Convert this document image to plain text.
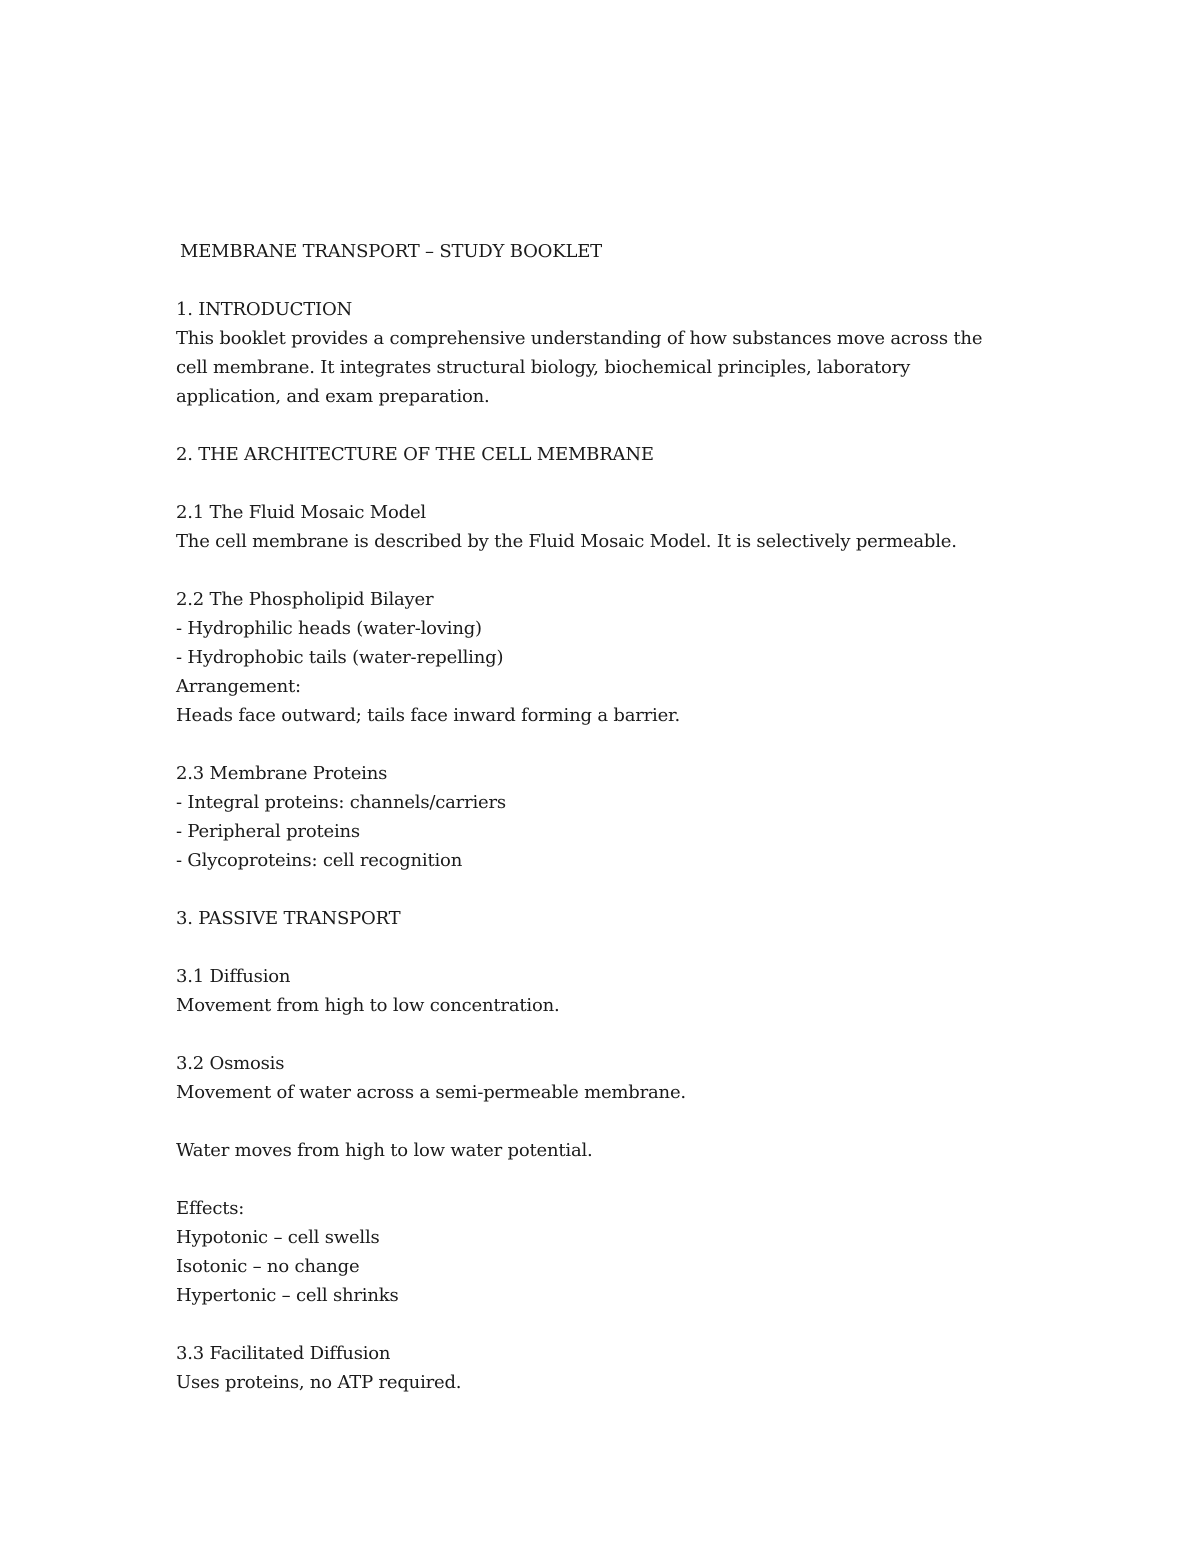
MEMBRANE TRANSPORT – STUDY BOOKLET
1. INTRODUCTION
This booklet provides a comprehensive understanding of how substances move across the
cell membrane. It integrates structural biology, biochemical principles, laboratory
application, and exam preparation.
2. THE ARCHITECTURE OF THE CELL MEMBRANE
2.1 The Fluid Mosaic Model
The cell membrane is described by the Fluid Mosaic Model. It is selectively permeable.
2.2 The Phospholipid Bilayer
- Hydrophilic heads (water-loving)
- Hydrophobic tails (water-repelling)
Arrangement:
Heads face outward; tails face inward forming a barrier.
2.3 Membrane Proteins
- Integral proteins: channels/carriers
- Peripheral proteins
- Glycoproteins: cell recognition
3. PASSIVE TRANSPORT
3.1 Diffusion
Movement from high to low concentration.
3.2 Osmosis
Movement of water across a semi-permeable membrane.
Water moves from high to low water potential.
Effects:
Hypotonic – cell swells
Isotonic – no change
Hypertonic – cell shrinks
3.3 Facilitated Diffusion
Uses proteins, no ATP required.
